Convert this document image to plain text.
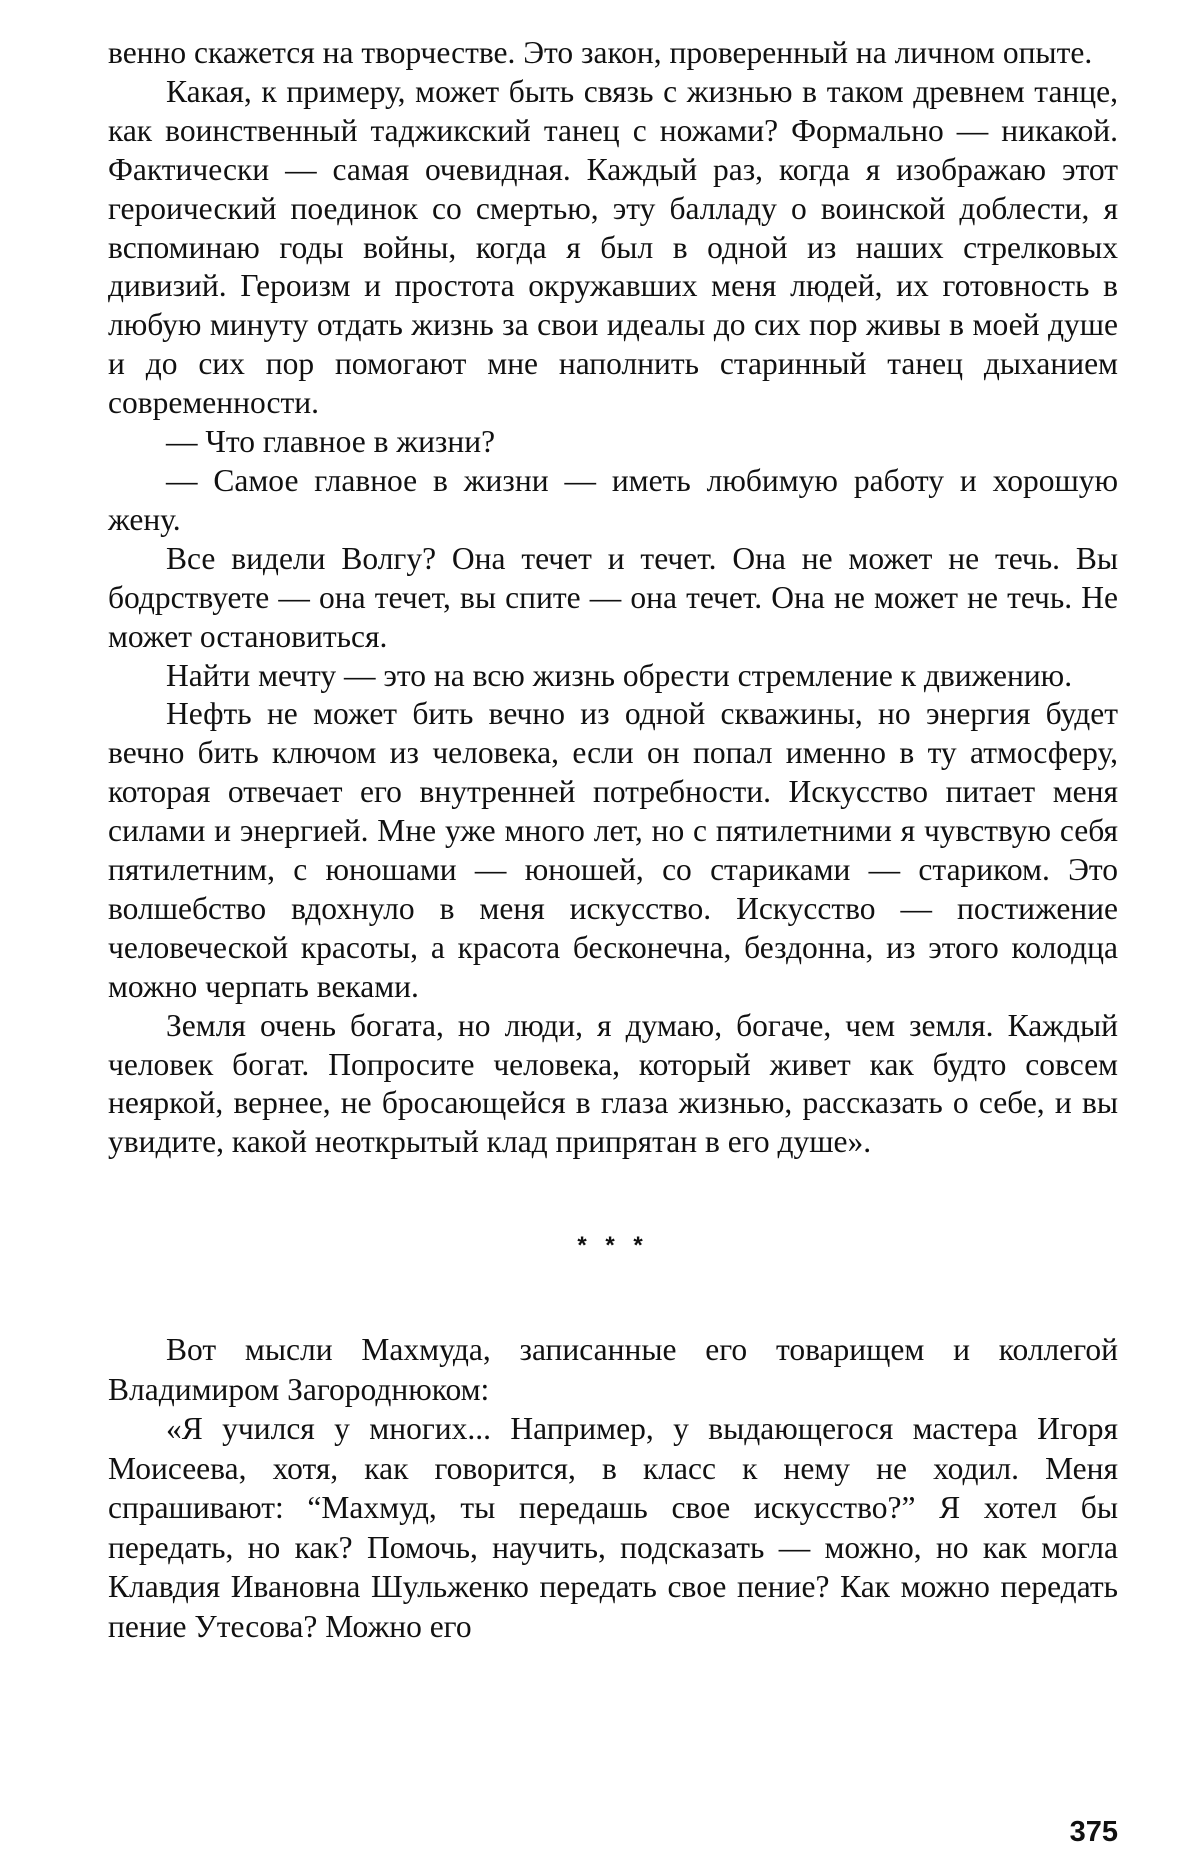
венно скажется на творчестве. Это закон, проверенный на личном опыте.

Какая, к примеру, может быть связь с жизнью в таком древнем танце, как воинственный таджикский танец с ножами? Формально — никакой. Фактически — самая очевидная. Каждый раз, когда я изображаю этот героический поединок со смертью, эту балладу о воинской доблести, я вспоминаю годы войны, когда я был в одной из наших стрелковых дивизий. Героизм и простота окружавших меня людей, их готовность в любую минуту отдать жизнь за свои идеалы до сих пор живы в моей душе и до сих пор помогают мне наполнить старинный танец дыханием современности.

— Что главное в жизни?

— Самое главное в жизни — иметь любимую работу и хорошую жену.

Все видели Волгу? Она течет и течет. Она не может не течь. Вы бодрствуете — она течет, вы спите — она течет. Она не может не течь. Не может остановиться.

Найти мечту — это на всю жизнь обрести стремление к движению.

Нефть не может бить вечно из одной скважины, но энергия будет вечно бить ключом из человека, если он попал именно в ту атмосферу, которая отвечает его внутренней потребности. Искусство питает меня силами и энергией. Мне уже много лет, но с пятилетними я чувствую себя пятилетним, с юношами — юношей, со стариками — стариком. Это волшебство вдохнуло в меня искусство. Искусство — постижение человеческой красоты, а красота бесконечна, бездонна, из этого колодца можно черпать веками.

Земля очень богата, но люди, я думаю, богаче, чем земля. Каждый человек богат. Попросите человека, который живет как будто совсем неяркой, вернее, не бросающейся в глаза жизнью, рассказать о себе, и вы увидите, какой неоткрытый клад припрятан в его душе».

* * *

Вот мысли Махмуда, записанные его товарищем и коллегой Владимиром Загороднюком:

«Я учился у многих... Например, у выдающегося мастера Игоря Моисеева, хотя, как говорится, в класс к нему не ходил. Меня спрашивают: “Махмуд, ты передашь свое искусство?” Я хотел бы передать, но как? Помочь, научить, подсказать — можно, но как могла Клавдия Ивановна Шульженко передать свое пение? Как можно передать пение Утесова? Можно его

375
